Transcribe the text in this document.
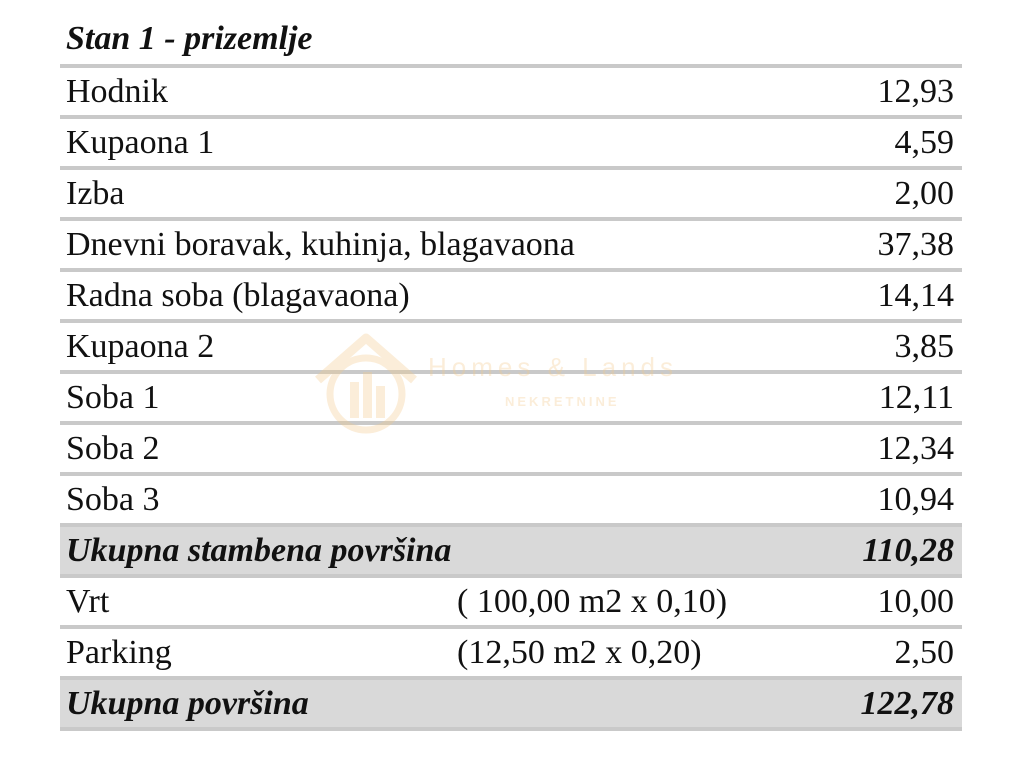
Stan 1 - prizemlje
Hodnik	12,93
Kupaona 1	4,59
Izba	2,00
Dnevni boravak, kuhinja, blagavaona	37,38
Radna soba (blagavaona)	14,14
Kupaona 2	3,85
Soba 1	12,11
Soba 2	12,34
Soba 3	10,94
Ukupna stambena površina	110,28
Vrt	( 100,00 m2 x 0,10)	10,00
Parking	(12,50 m2 x 0,20)	2,50
Ukupna površina	122,78
Homes & Lands
NEKRETNINE
